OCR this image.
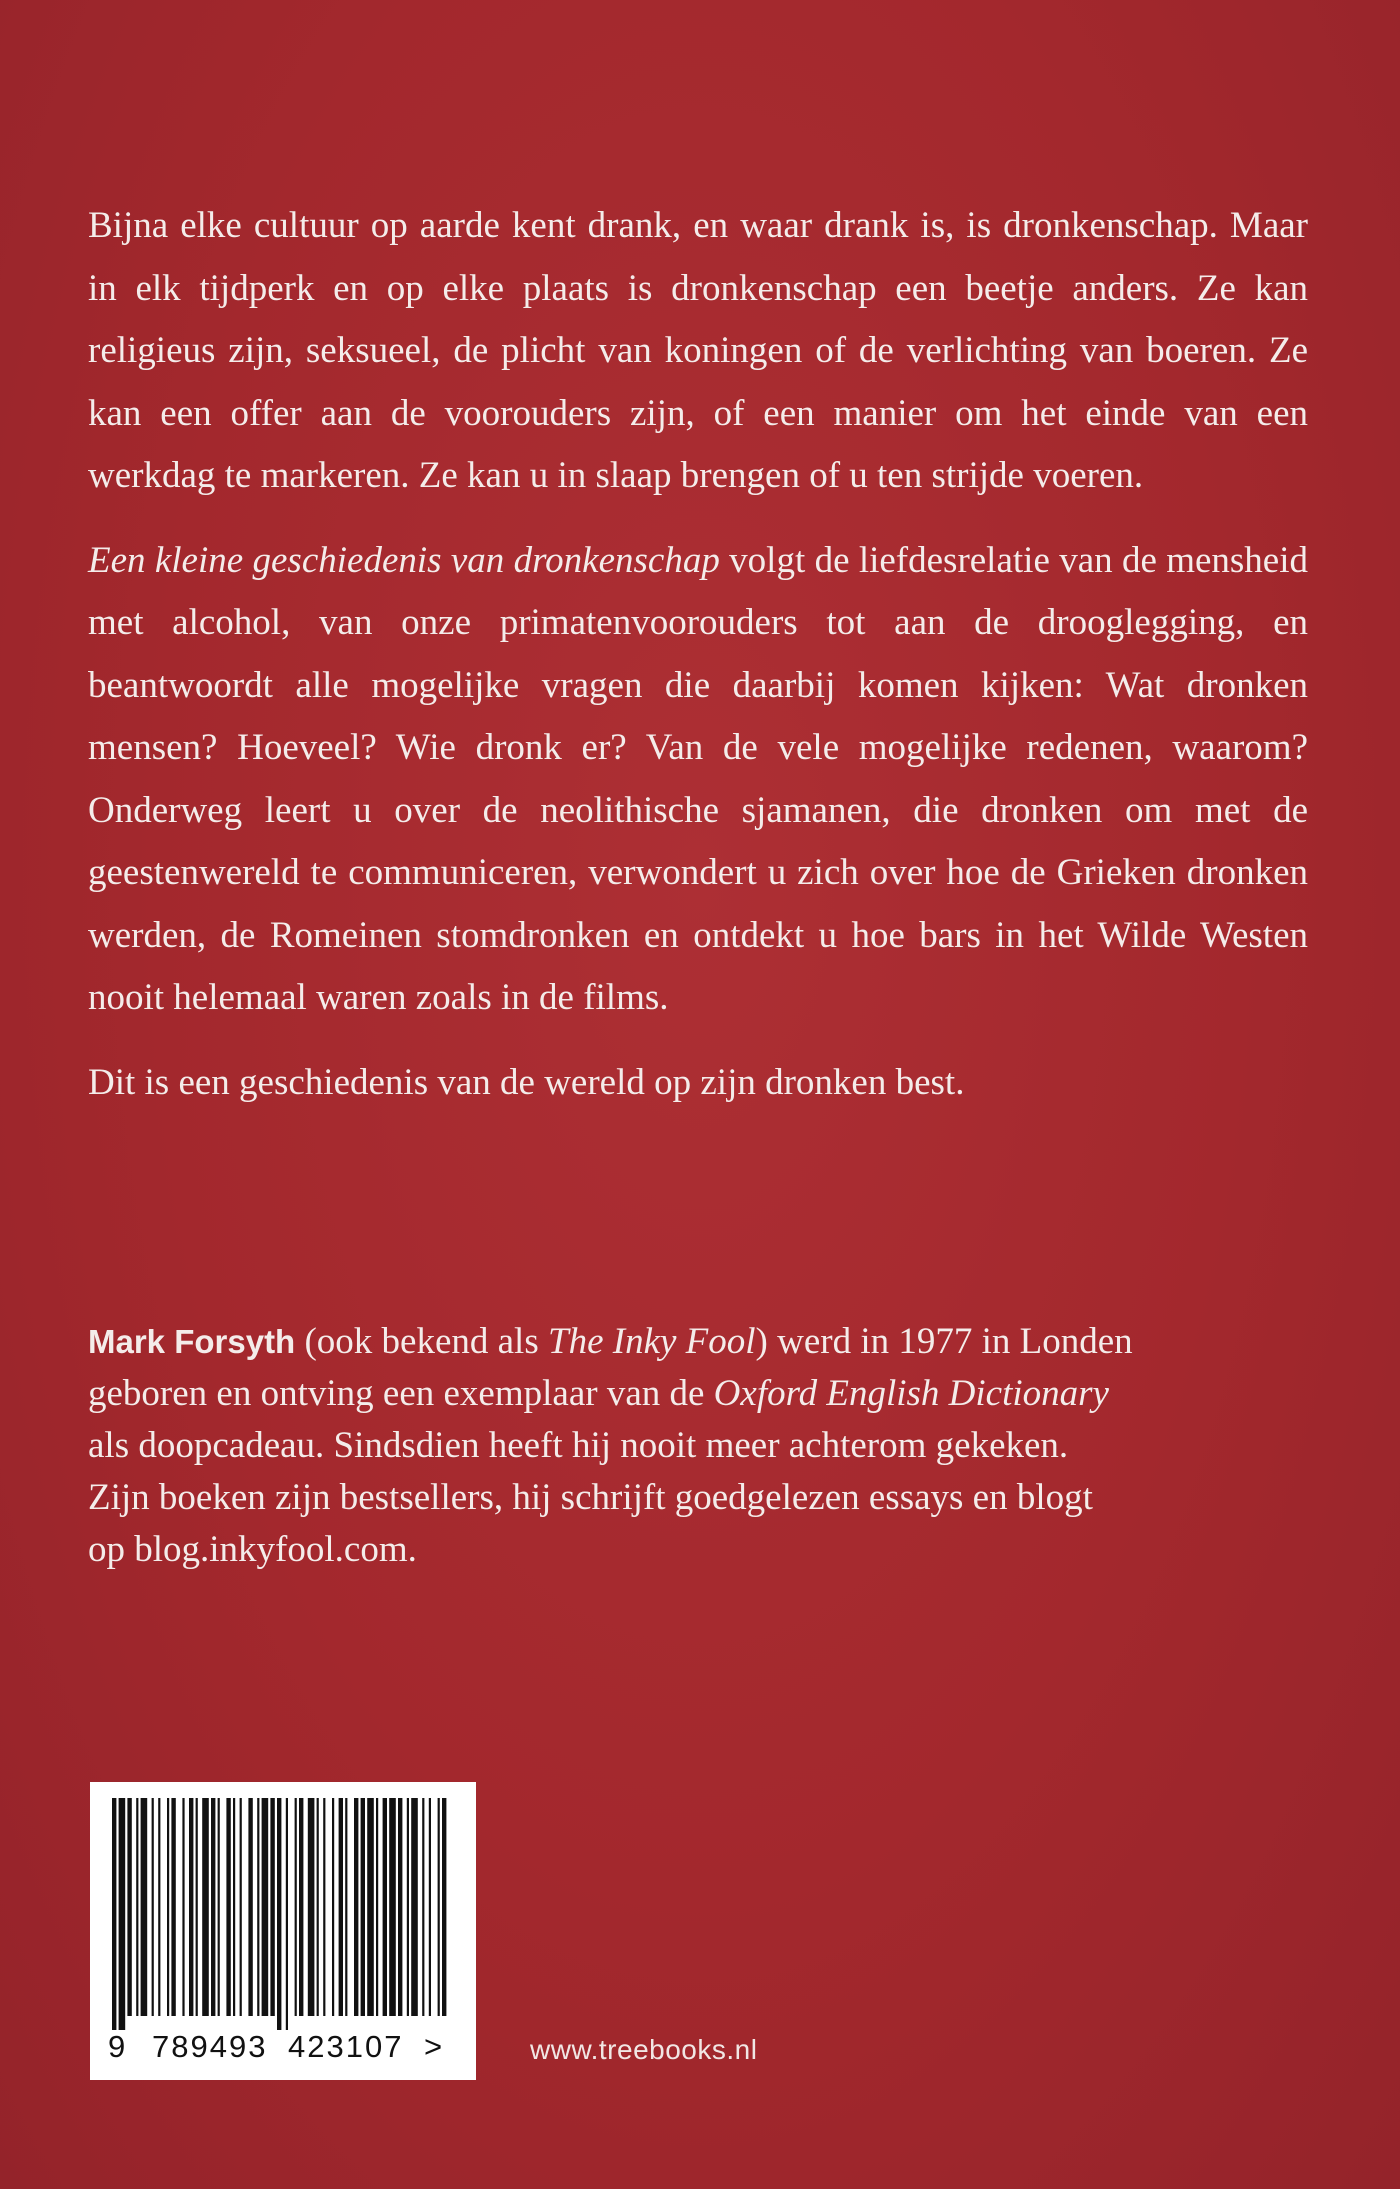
Bijna elke cultuur op aarde kent drank, en waar drank is, is dronkenschap. Maar in elk tijdperk en op elke plaats is dronkenschap een beetje anders. Ze kan religieus zijn, seksueel, de plicht van koningen of de verlichting van boeren. Ze kan een offer aan de voorouders zijn, of een manier om het einde van een werkdag te markeren. Ze kan u in slaap brengen of u ten strijde voeren.

Een kleine geschiedenis van dronkenschap volgt de liefdesrelatie van de mensheid met alcohol, van onze primatenvoorouders tot aan de drooglegging, en beantwoordt alle mogelijke vragen die daarbij komen kijken: Wat dronken mensen? Hoeveel? Wie dronk er? Van de vele mogelijke redenen, waarom? Onderweg leert u over de neolithische sjamanen, die dronken om met de geestenwereld te communiceren, verwondert u zich over hoe de Grieken dronken werden, de Romeinen stomdronken en ontdekt u hoe bars in het Wilde Westen nooit helemaal waren zoals in de films.

Dit is een geschiedenis van de wereld op zijn dronken best.

Mark Forsyth (ook bekend als The Inky Fool) werd in 1977 in Londen

geboren en ontving een exemplaar van de Oxford English Dictionary

als doopcadeau. Sindsdien heeft hij nooit meer achterom gekeken.

Zijn boeken zijn bestsellers, hij schrijft goedgelezen essays en blogt

op blog.inkyfool.com.

9 789493 423107 >	www.treebooks.nl
